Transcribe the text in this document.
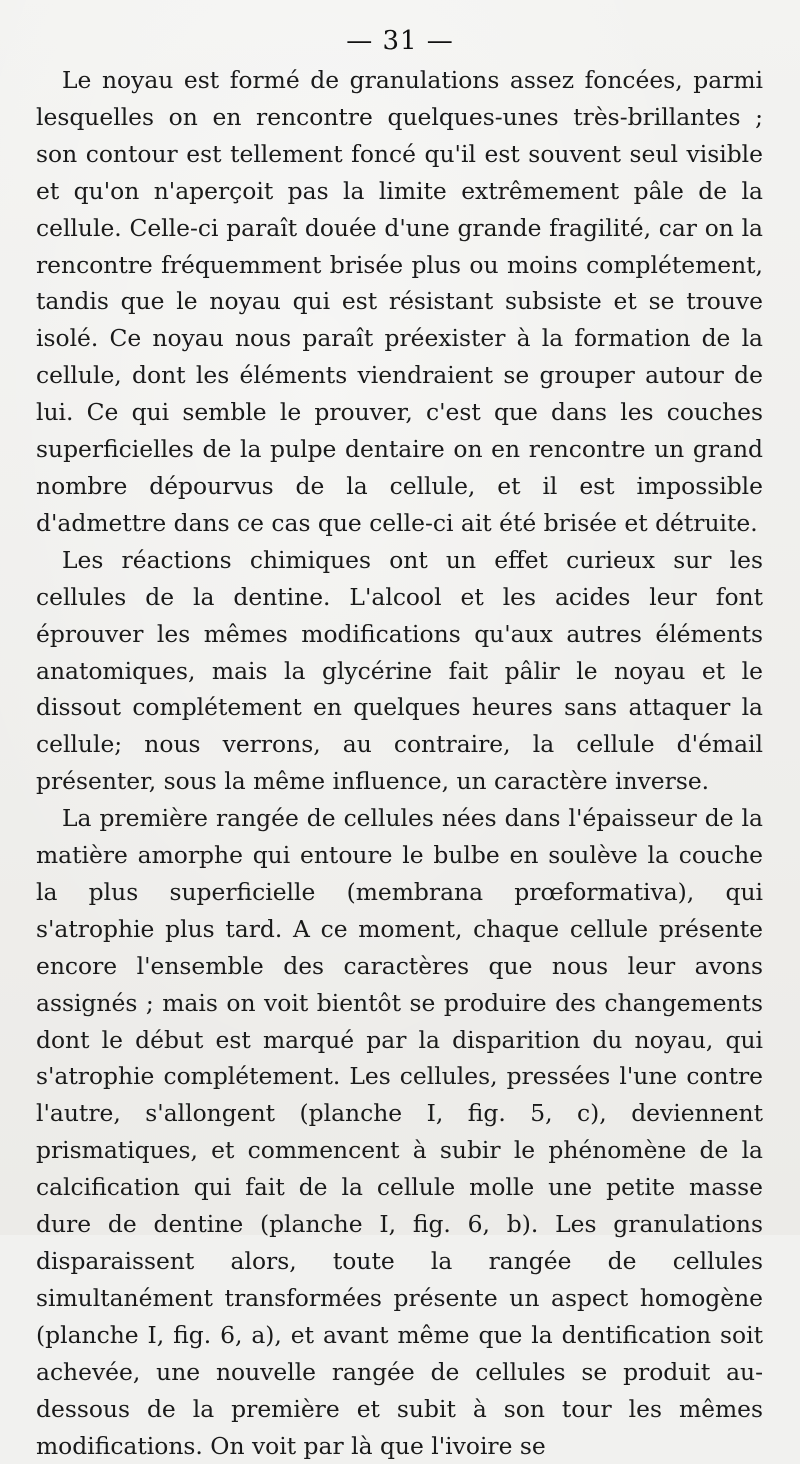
— 31 —

Le noyau est formé de granulations assez foncées, parmi lesquelles on en rencontre quelques-unes très-brillantes ; son contour est tellement foncé qu'il est souvent seul visible et qu'on n'aperçoit pas la limite extrêmement pâle de la cellule. Celle-ci paraît douée d'une grande fragilité, car on la rencontre fréquemment brisée plus ou moins complétement, tandis que le noyau qui est résistant subsiste et se trouve isolé. Ce noyau nous paraît préexister à la formation de la cellule, dont les éléments viendraient se grouper autour de lui. Ce qui semble le prouver, c'est que dans les couches superficielles de la pulpe dentaire on en rencontre un grand nombre dépourvus de la cellule, et il est impossible d'admettre dans ce cas que celle-ci ait été brisée et détruite.

Les réactions chimiques ont un effet curieux sur les cellules de la dentine. L'alcool et les acides leur font éprouver les mêmes modifications qu'aux autres éléments anatomiques, mais la glycérine fait pâlir le noyau et le dissout complétement en quelques heures sans attaquer la cellule; nous verrons, au contraire, la cellule d'émail présenter, sous la même influence, un caractère inverse.

La première rangée de cellules nées dans l'épaisseur de la matière amorphe qui entoure le bulbe en soulève la couche la plus superficielle (membrana prœformativa), qui s'atrophie plus tard. A ce moment, chaque cellule présente encore l'ensemble des caractères que nous leur avons assignés ; mais on voit bientôt se produire des changements dont le début est marqué par la disparition du noyau, qui s'atrophie complétement. Les cellules, pressées l'une contre l'autre, s'allongent (planche I, fig. 5, c), deviennent prismatiques, et commencent à subir le phénomène de la calcification qui fait de la cellule molle une petite masse dure de dentine (planche I, fig. 6, b). Les granulations disparaissent alors, toute la rangée de cellules simultanément transformées présente un aspect homogène (planche I, fig. 6, a), et avant même que la dentification soit achevée, une nouvelle rangée de cellules se produit au-dessous de la première et subit à son tour les mêmes modifications. On voit par là que l'ivoire se
